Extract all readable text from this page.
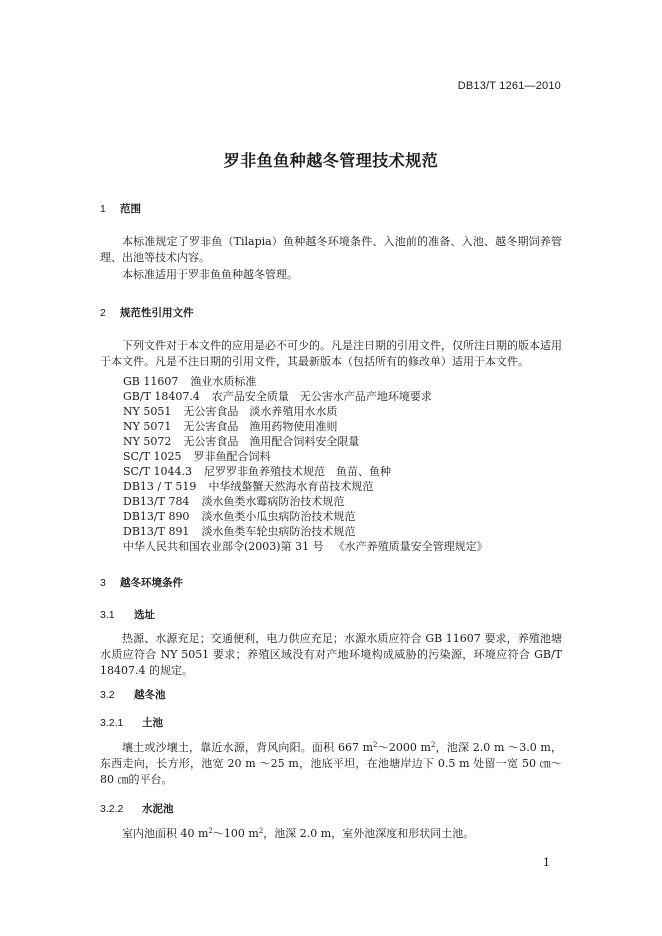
DB13/T 1261—2010
罗非鱼鱼种越冬管理技术规范
1 范围
本标准规定了罗非鱼（Tilapia）鱼种越冬环境条件、入池前的准备、入池、越冬期饲养管理、出池等技术内容。
本标准适用于罗非鱼鱼种越冬管理。
2 规范性引用文件
下列文件对于本文件的应用是必不可少的。凡是注日期的引用文件，仅所注日期的版本适用于本文件。凡是不注日期的引用文件，其最新版本（包括所有的修改单）适用于本文件。
GB 11607 渔业水质标准
GB/T 18407.4 农产品安全质量　无公害水产品产地环境要求
NY 5051 无公害食品　淡水养殖用水水质
NY 5071 无公害食品　渔用药物使用准则
NY 5072 无公害食品　渔用配合饲料安全限量
SC/T 1025 罗非鱼配合饲料
SC/T 1044.3 尼罗罗非鱼养殖技术规范　鱼苗、鱼种
DB13 / T 519 中华绒螯蟹天然海水育苗技术规范
DB13/T 784 淡水鱼类水霉病防治技术规范
DB13/T 890 淡水鱼类小瓜虫病防治技术规范
DB13/T 891 淡水鱼类车轮虫病防治技术规范
中华人民共和国农业部令(2003)第 31 号 《水产养殖质量安全管理规定》
3 越冬环境条件
3.1 选址
热源、水源充足；交通便利，电力供应充足；水源水质应符合 GB 11607 要求，养殖池塘水质应符合 NY 5051 要求；养殖区域没有对产地环境构成威胁的污染源，环境应符合 GB/T 18407.4 的规定。
3.2 越冬池
3.2.1 土池
壤土或沙壤土，靠近水源，背风向阳。面积 667 $m^2\sim 2000$ $m^2$，池深 2.0 m ～3.0 m，东西走向，长方形，池宽 20 m ～25 m，池底平坦，在池塘岸边下 0.5 m 处留一宽 50 ㎝～80 ㎝的平台。
3.2.2 水泥池
室内池面积 40 $m^2\sim 100$ $m^2$，池深 2.0 m，室外池深度和形状同土池。
1
